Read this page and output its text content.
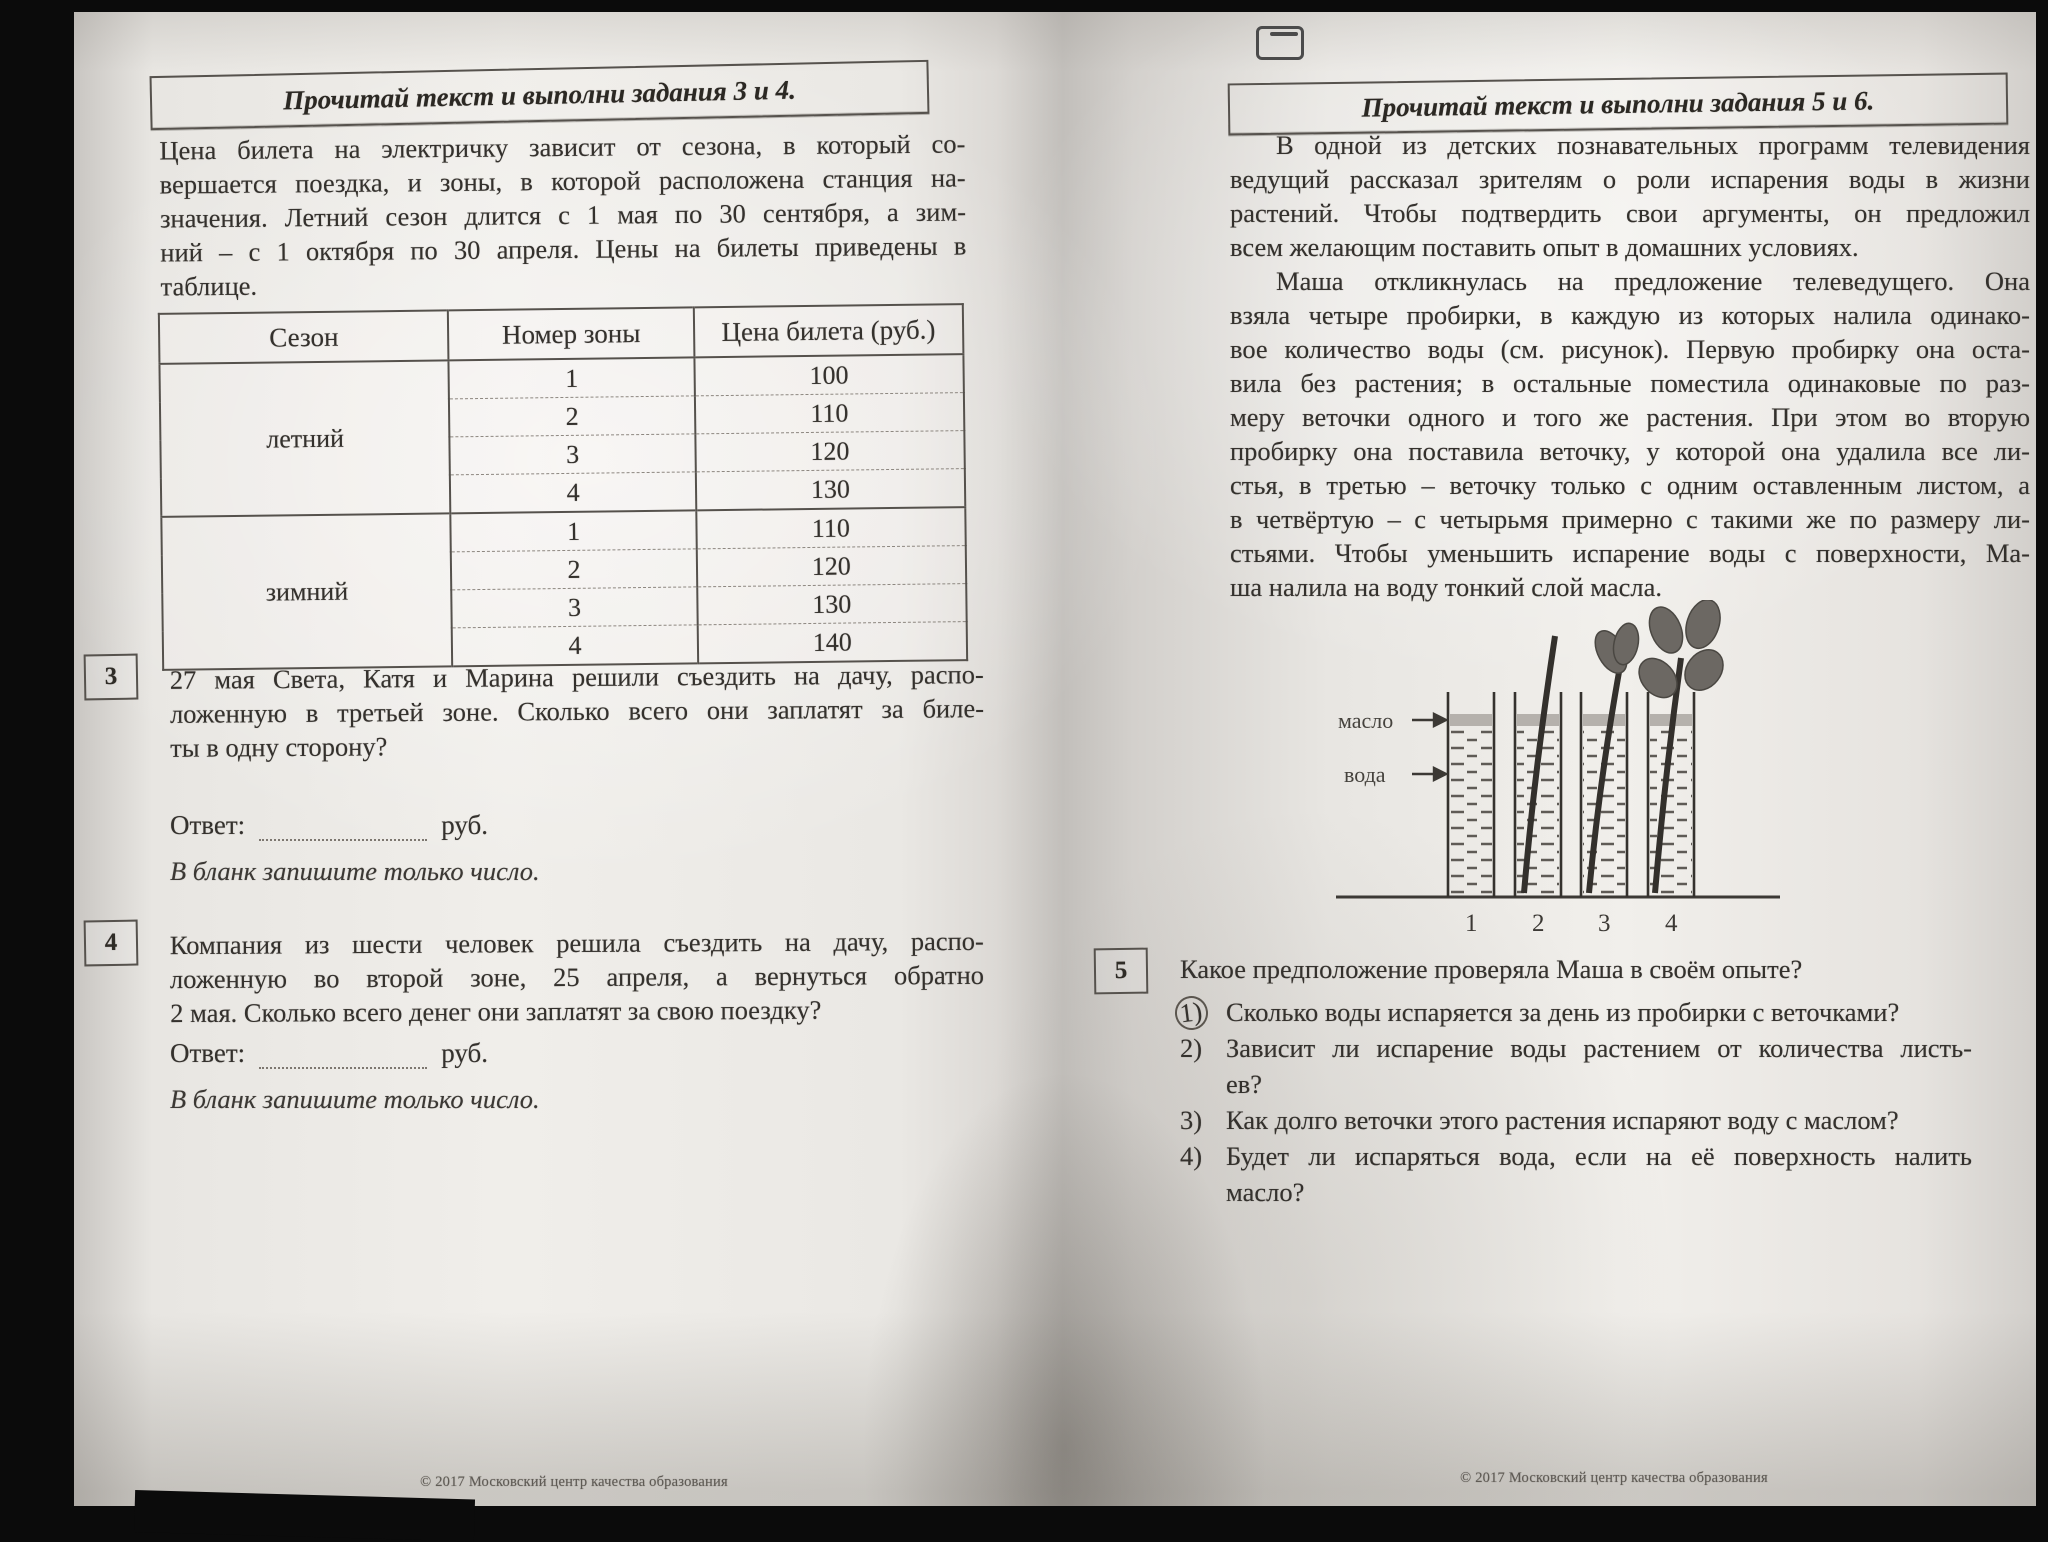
Прочитай текст и выполни задания 3 и 4.
Цена билета на электричку зависит от сезона, в который со-
вершается поездка, и зоны, в которой расположена станция на-
значения. Летний сезон длится с 1 мая по 30 сентября, а зим-
ний – с 1 октября по 30 апреля. Цены на билеты приведены в
таблице.
Сезон	Номер зоны	Цена билета (руб.)
летний	1	100
	2	110
	3	120
	4	130
зимний	1	110
	2	120
	3	130
	4	140
3 27 мая Света, Катя и Марина решили съездить на дачу, распо-
ложенную в третьей зоне. Сколько всего они заплатят за биле-
ты в одну сторону?
Ответ:	руб.
В бланк запишите только число.
4 Компания из шести человек решила съездить на дачу, распо-
ложенную во второй зоне, 25 апреля, а вернуться обратно
2 мая. Сколько всего денег они заплатят за свою поездку?
Ответ:	руб.
В бланк запишите только число.
© 2017 Московский центр качества образования
Прочитай текст и выполни задания 5 и 6.
В одной из детских познавательных программ телевидения
ведущий рассказал зрителям о роли испарения воды в жизни
растений. Чтобы подтвердить свои аргументы, он предложил
всем желающим поставить опыт в домашних условиях.
Маша откликнулась на предложение телеведущего. Она
взяла четыре пробирки, в каждую из которых налила одинако-
вое количество воды (см. рисунок). Первую пробирку она оста-
вила без растения; в остальные поместила одинаковые по раз-
меру веточки одного и того же растения. При этом во вторую
пробирку она поставила веточку, у которой она удалила все ли-
стья, в третью – веточку только с одним оставленным листом, а
в четвёртую – с четырьмя примерно с такими же по размеру ли-
стьями. Чтобы уменьшить испарение воды с поверхности, Ма-
ша налила на воду тонкий слой масла.
масло
вода
1 2 3 4
5 Какое предположение проверяла Маша в своём опыте?
1) Сколько воды испаряется за день из пробирки с веточками?
2) Зависит ли испарение воды растением от количества листь-
ев?
3) Как долго веточки этого растения испаряют воду с маслом?
4) Будет ли испаряться вода, если на её поверхность налить
масло?
© 2017 Московский центр качества образования
